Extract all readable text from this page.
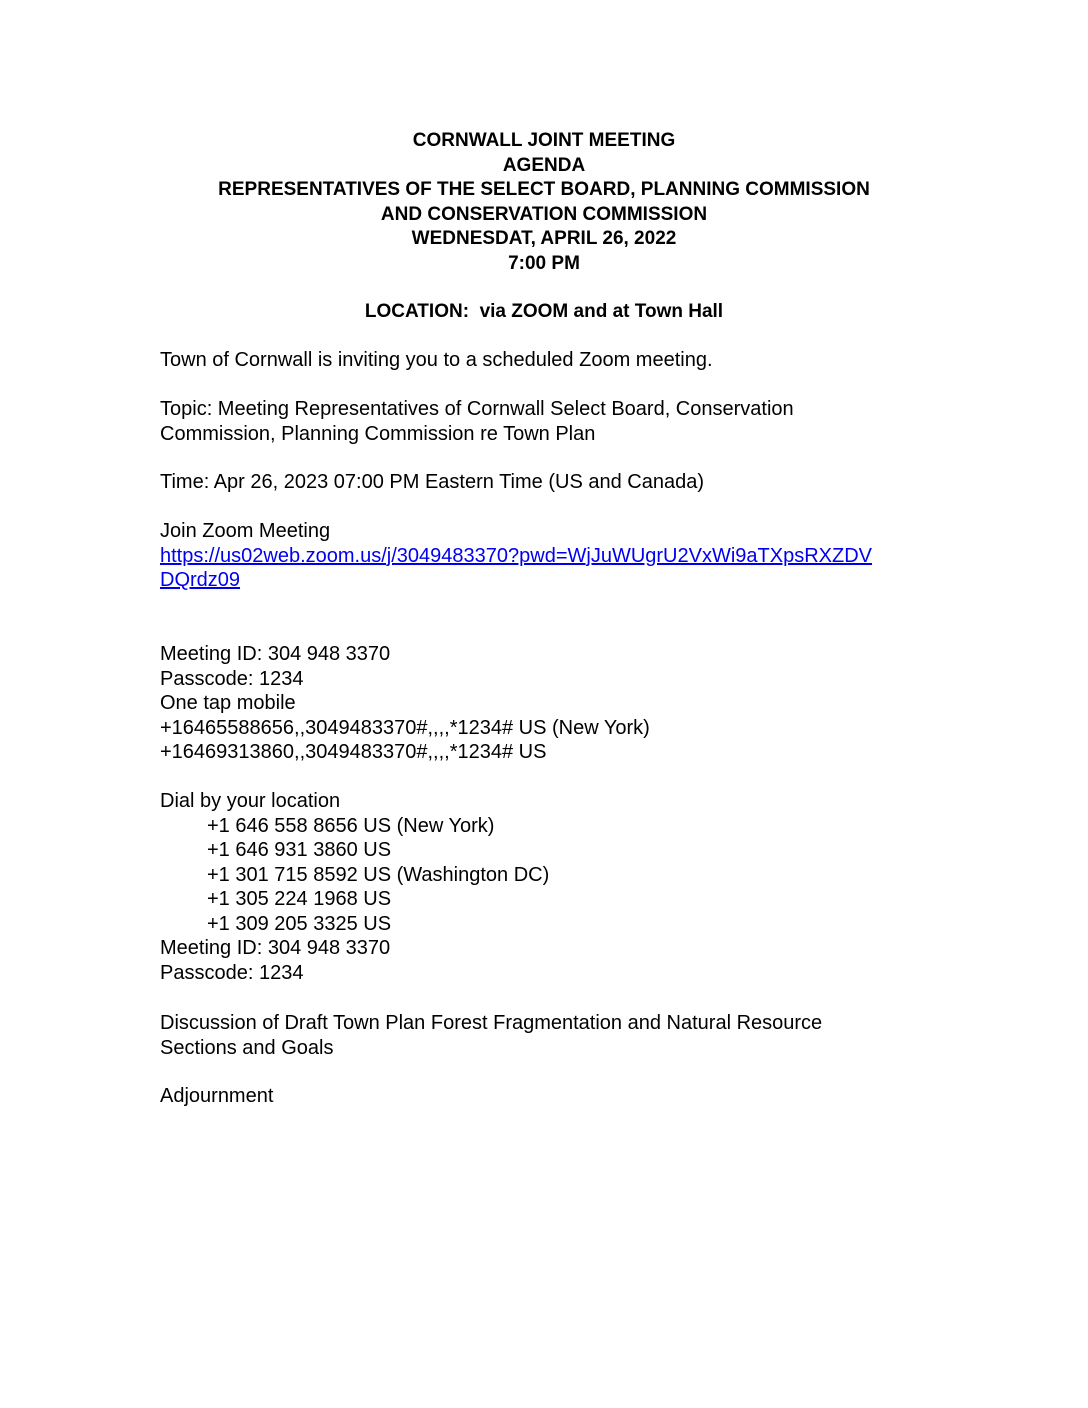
CORNWALL JOINT MEETING
AGENDA
REPRESENTATIVES OF THE SELECT BOARD, PLANNING COMMISSION
AND CONSERVATION COMMISSION
WEDNESDAT, APRIL 26, 2022
7:00 PM
LOCATION:  via ZOOM and at Town Hall
Town of Cornwall is inviting you to a scheduled Zoom meeting.
Topic: Meeting Representatives of Cornwall Select Board, Conservation
Commission, Planning Commission re Town Plan
Time: Apr 26, 2023 07:00 PM Eastern Time (US and Canada)
Join Zoom Meeting
https://us02web.zoom.us/j/3049483370?pwd=WjJuWUgrU2VxWi9aTXpsRXZDV
DQrdz09
Meeting ID: 304 948 3370
Passcode: 1234
One tap mobile
+16465588656,,3049483370#,,,,*1234# US (New York)
+16469313860,,3049483370#,,,,*1234# US
Dial by your location
+1 646 558 8656 US (New York)
+1 646 931 3860 US
+1 301 715 8592 US (Washington DC)
+1 305 224 1968 US
+1 309 205 3325 US
Meeting ID: 304 948 3370
Passcode: 1234
Discussion of Draft Town Plan Forest Fragmentation and Natural Resource
Sections and Goals
Adjournment
